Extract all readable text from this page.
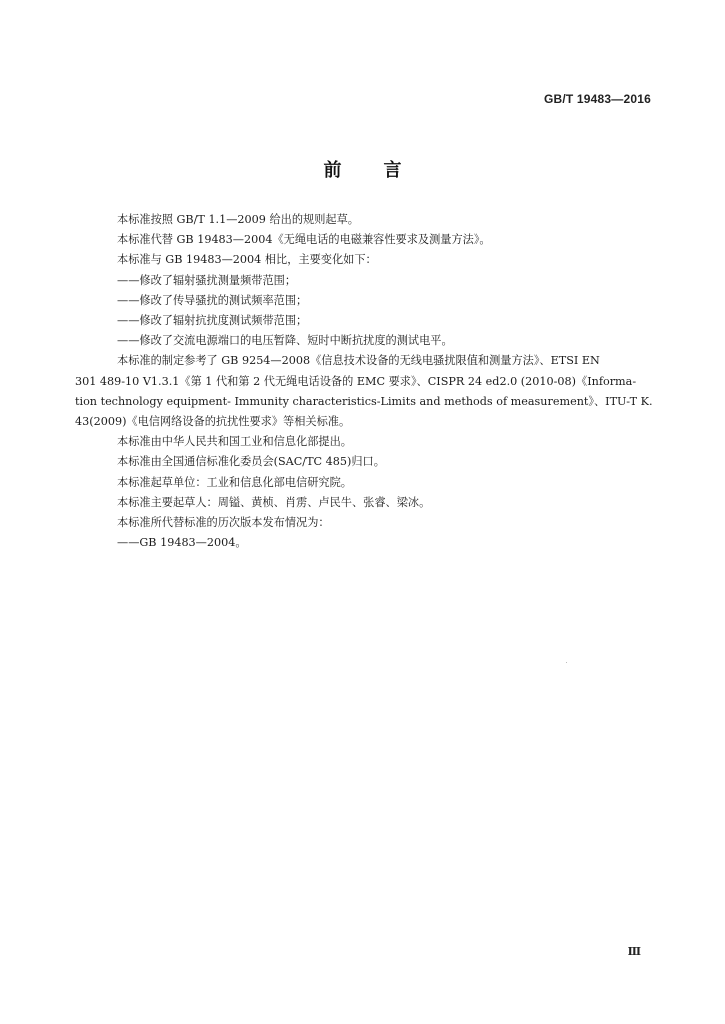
GB/T 19483—2016
前 言

本标准按照 GB/T 1.1—2009 给出的规则起草。

本标准代替 GB 19483—2004《无绳电话的电磁兼容性要求及测量方法》。

本标准与 GB 19483—2004 相比，主要变化如下：

——修改了辐射骚扰测量频带范围；

——修改了传导骚扰的测试频率范围；

——修改了辐射抗扰度测试频带范围；

——修改了交流电源端口的电压暂降、短时中断抗扰度的测试电平。

本标准的制定参考了 GB 9254—2008《信息技术设备的无线电骚扰限值和测量方法》、ETSI EN

301 489-10 V1.3.1《第 1 代和第 2 代无绳电话设备的 EMC 要求》、CISPR 24 ed2.0 (2010-08)《Informa-

tion technology equipment- Immunity characteristics-Limits and methods of measurement》、ITU-T K.

43(2009)《电信网络设备的抗扰性要求》等相关标准。

本标准由中华人民共和国工业和信息化部提出。

本标准由全国通信标准化委员会(SAC/TC 485)归口。

本标准起草单位：工业和信息化部电信研究院。

本标准主要起草人：周镒、黄桢、肖雳、卢民牛、张睿、梁冰。

本标准所代替标准的历次版本发布情况为：

——GB 19483—2004。

Ⅲ
